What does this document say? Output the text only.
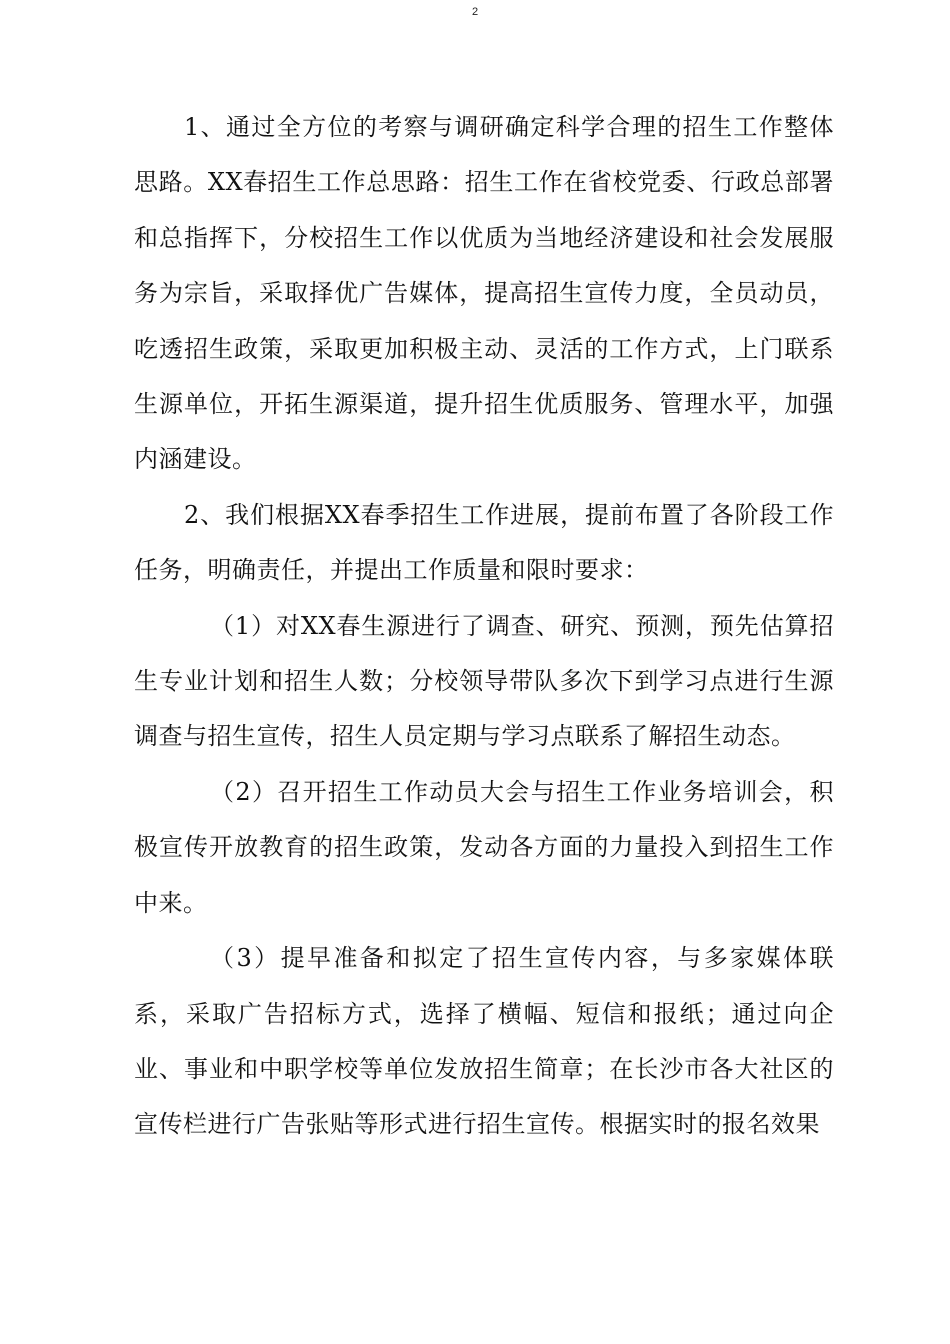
2

1、通过全方位的考察与调研确定科学合理的招生工作整体思路。XX春招生工作总思路：招生工作在省校党委、行政总部署和总指挥下，分校招生工作以优质为当地经济建设和社会发展服务为宗旨，采取择优广告媒体，提高招生宣传力度，全员动员，吃透招生政策，采取更加积极主动、灵活的工作方式，上门联系生源单位，开拓生源渠道，提升招生优质服务、管理水平，加强内涵建设。

2、我们根据XX春季招生工作进展，提前布置了各阶段工作任务，明确责任，并提出工作质量和限时要求：

（1）对XX春生源进行了调查、研究、预测，预先估算招生专业计划和招生人数；分校领导带队多次下到学习点进行生源调查与招生宣传，招生人员定期与学习点联系了解招生动态。

（2）召开招生工作动员大会与招生工作业务培训会，积极宣传开放教育的招生政策，发动各方面的力量投入到招生工作中来。

（3）提早准备和拟定了招生宣传内容，与多家媒体联系，采取广告招标方式，选择了横幅、短信和报纸；通过向企业、事业和中职学校等单位发放招生简章；在长沙市各大社区的宣传栏进行广告张贴等形式进行招生宣传。根据实时的报名效果
